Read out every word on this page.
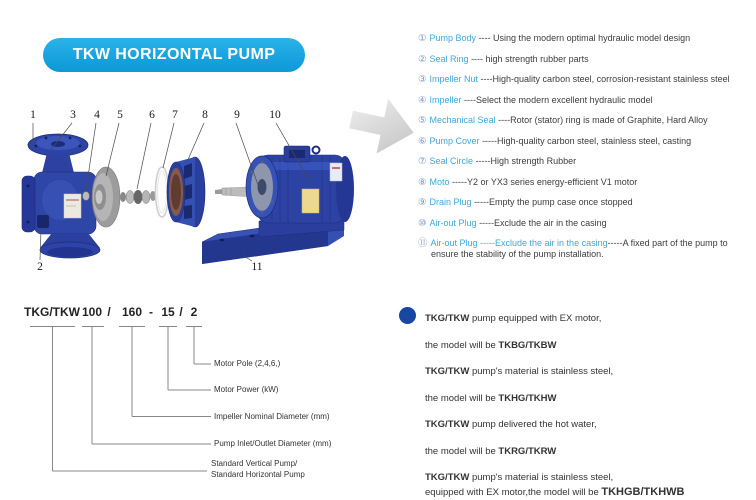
TKW HORIZONTAL PUMP
1
2
3 4 5 6 7 8 9	10
11
① Pump Body ---- Using the modern optimal hydraulic model design
② Seal Ring ---- high strength rubber parts
③ Impeller Nut ----High-quality carbon steel, corrosion-resistant stainless steel
④ Impeller ----Select the modern excellent hydraulic model
⑤ Mechanical Seal ----Rotor (stator) ring is made of Graphite, Hard Alloy
⑥ Pump Cover -----High-quality carbon steel, stainless steel, casting
⑦ Seal Circle -----High strength Rubber
⑧ Moto -----Y2 or YX3 series energy-efficient V1 motor
⑨ Drain Plug -----Empty the pump case once stopped
⑩ Air-out Plug -----Exclude the air in the casing
⑪ Air-out Plug -----Exclude the air in the casing-----A fixed part of the pump to ensure the stability of the pump installation.
TKG/TKW 100 / 160 - 15 / 2
Motor Pole (2,4,6,)
Motor Power (kW)
Impeller Nominal Diameter (mm)
Pump Inlet/Outlet Diameter (mm)
Standard Vertical Pump/
Standard Horizontal Pump
TKG/TKW pump equipped with EX motor,
the model will be TKBG/TKBW
TKG/TKW pump's material is stainless steel,
the model will be TKHG/TKHW
TKG/TKW pump delivered the hot water,
the model will be TKRG/TKRW
TKG/TKW pump's material is stainless steel,
equipped with EX motor,the model will be TKHGB/TKHWB
